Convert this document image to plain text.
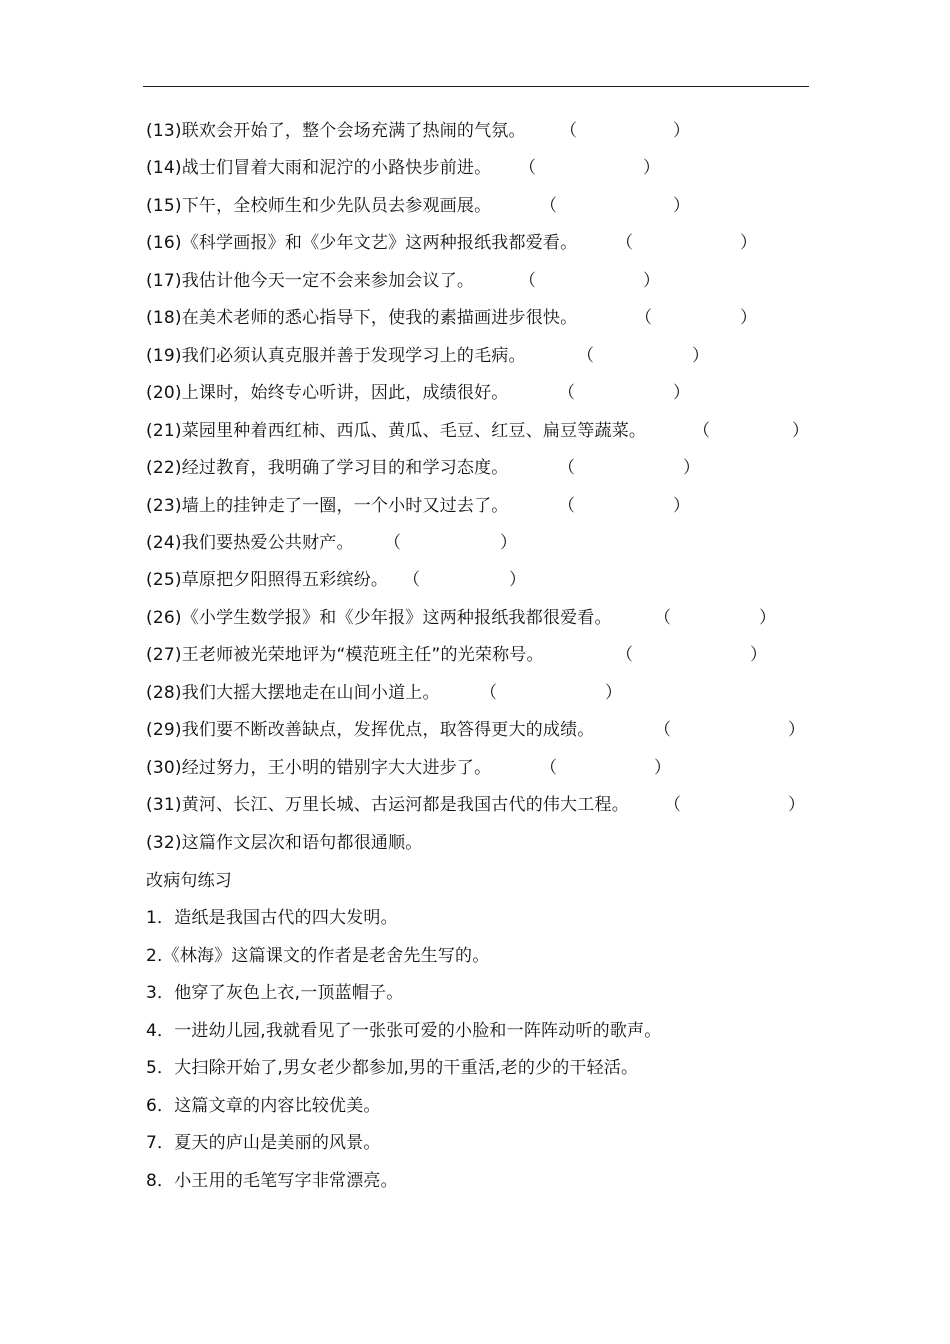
(13)联欢会开始了，整个会场充满了热闹的气氛。 （	）
(14)战士们冒着大雨和泥泞的小路快步前进。 （	）
(15)下午，全校师生和少先队员去参观画展。	（	）
(16)《科学画报》和《少年文艺》这两种报纸我都爱看。 （	）
(17)我估计他今天一定不会来参加会议了。	（	）
(18)在美术老师的悉心指导下，使我的素描画进步很快。	（	）
(19)我们必须认真克服并善于发现学习上的毛病。	（	）
(20)上课时，始终专心听讲，因此，成绩很好。	（	）
(21)菜园里种着西红柿、西瓜、黄瓜、毛豆、红豆、扁豆等蔬菜。	（	）
(22)经过教育，我明确了学习目的和学习态度。	（	）
(23)墙上的挂钟走了一圈，一个小时又过去了。	（	）
(24)我们要热爱公共财产。 （	）
(25)草原把夕阳照得五彩缤纷。 （	）
(26)《小学生数学报》和《少年报》这两种报纸我都很爱看。 （	）
(27)王老师被光荣地评为“模范班主任”的光荣称号。	（	）
(28)我们大摇大摆地走在山间小道上。 （	）
(29)我们要不断改善缺点，发挥优点，取答得更大的成绩。	（	）
(30)经过努力，王小明的错别字大大进步了。	（	）
(31)黄河、长江、万里长城、古运河都是我国古代的伟大工程。 （	）
(32)这篇作文层次和语句都很通顺。
改病句练习
1．造纸是我国古代的四大发明。
2.《林海》这篇课文的作者是老舍先生写的。
3．他穿了灰色上衣,一顶蓝帽子。
4．一进幼儿园,我就看见了一张张可爱的小脸和一阵阵动听的歌声。
5．大扫除开始了,男女老少都参加,男的干重活,老的少的干轻活。
6．这篇文章的内容比较优美。
7．夏天的庐山是美丽的风景。
8．小王用的毛笔写字非常漂亮。
